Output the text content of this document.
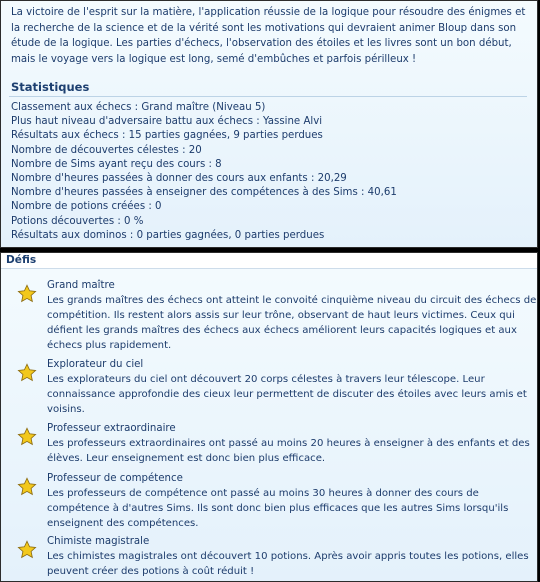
La victoire de l'esprit sur la matière, l'application réussie de la logique pour résoudre des énigmes et la recherche de la science et de la vérité sont les motivations qui devraient animer Bloup dans son étude de la logique. Les parties d'échecs, l'observation des étoiles et les livres sont un bon début, mais le voyage vers la logique est long, semé d'embûches et parfois périlleux !
Statistiques
Classement aux échecs : Grand maître (Niveau 5)
Plus haut niveau d'adversaire battu aux échecs : Yassine Alvi
Résultats aux échecs : 15 parties gagnées, 9 parties perdues
Nombre de découvertes célestes : 20
Nombre de Sims ayant reçu des cours : 8
Nombre d'heures passées à donner des cours aux enfants : 20,29
Nombre d'heures passées à enseigner des compétences à des Sims : 40,61
Nombre de potions créées : 0
Potions découvertes : 0 %
Résultats aux dominos : 0 parties gagnées, 0 parties perdues
Défis
Grand maître
Les grands maîtres des échecs ont atteint le convoité cinquième niveau du circuit des échecs de compétition. Ils restent alors assis sur leur trône, observant de haut leurs victimes. Ceux qui défient les grands maîtres des échecs aux échecs améliorent leurs capacités logiques et aux échecs plus rapidement.
Explorateur du ciel
Les explorateurs du ciel ont découvert 20 corps célestes à travers leur télescope. Leur connaissance approfondie des cieux leur permettent de discuter des étoiles avec leurs amis et voisins.
Professeur extraordinaire
Les professeurs extraordinaires ont passé au moins 20 heures à enseigner à des enfants et des élèves. Leur enseignement est donc bien plus efficace.
Professeur de compétence
Les professeurs de compétence ont passé au moins 30 heures à donner des cours de compétence à d'autres Sims. Ils sont donc bien plus efficaces que les autres Sims lorsqu'ils enseignent des compétences.
Chimiste magistrale
Les chimistes magistrales ont découvert 10 potions. Après avoir appris toutes les potions, elles peuvent créer des potions à coût réduit !
